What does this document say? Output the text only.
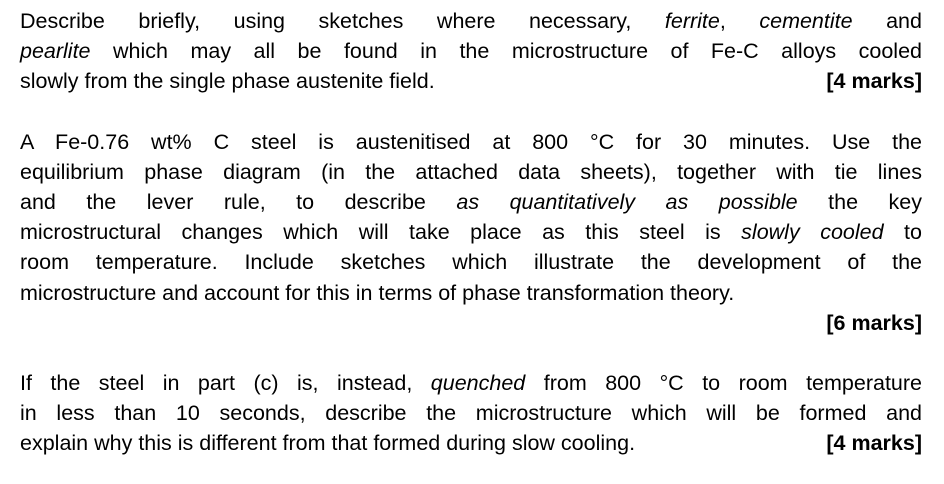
Describe briefly, using sketches where necessary, ferrite, cementite and
pearlite which may all be found in the microstructure of Fe-C alloys cooled
slowly from the single phase austenite field.	[4 marks]
A Fe-0.76 wt% C steel is austenitised at 800 °C for 30 minutes. Use the
equilibrium phase diagram (in the attached data sheets), together with tie lines
and the lever rule, to describe as quantitatively as possible the key
microstructural changes which will take place as this steel is slowly cooled to
room temperature. Include sketches which illustrate the development of the
microstructure and account for this in terms of phase transformation theory.
[6 marks]
If the steel in part (c) is, instead, quenched from 800 °C to room temperature
in less than 10 seconds, describe the microstructure which will be formed and
explain why this is different from that formed during slow cooling.	[4 marks]
